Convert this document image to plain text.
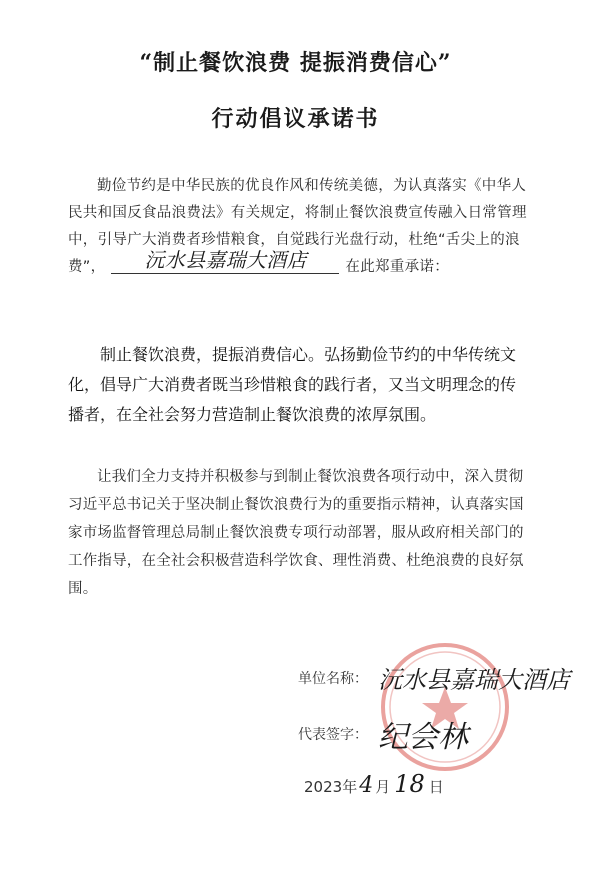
“制止餐饮浪费 提振消费信心”
行动倡议承诺书
勤俭节约是中华民族的优良作风和传统美德，为认真落实《中华人民共和国反食品浪费法》有关规定，将制止餐饮浪费宣传融入日常管理中，引导广大消费者珍惜粮食，自觉践行光盘行动，杜绝“舌尖上的浪费”，	沅水县嘉瑞大酒店	在此郑重承诺：
制止餐饮浪费，提振消费信心。弘扬勤俭节约的中华传统文化，倡导广大消费者既当珍惜粮食的践行者，又当文明理念的传播者，在全社会努力营造制止餐饮浪费的浓厚氛围。
让我们全力支持并积极参与到制止餐饮浪费各项行动中，深入贯彻习近平总书记关于坚决制止餐饮浪费行为的重要指示精神，认真落实国家市场监督管理总局制止餐饮浪费专项行动部署，服从政府相关部门的工作指导，在全社会积极营造科学饮食、理性消费、杜绝浪费的良好氛围。
单位名称： 沅水县嘉瑞大酒店
代表签字： 纪会林
2023年4 月 18 日
